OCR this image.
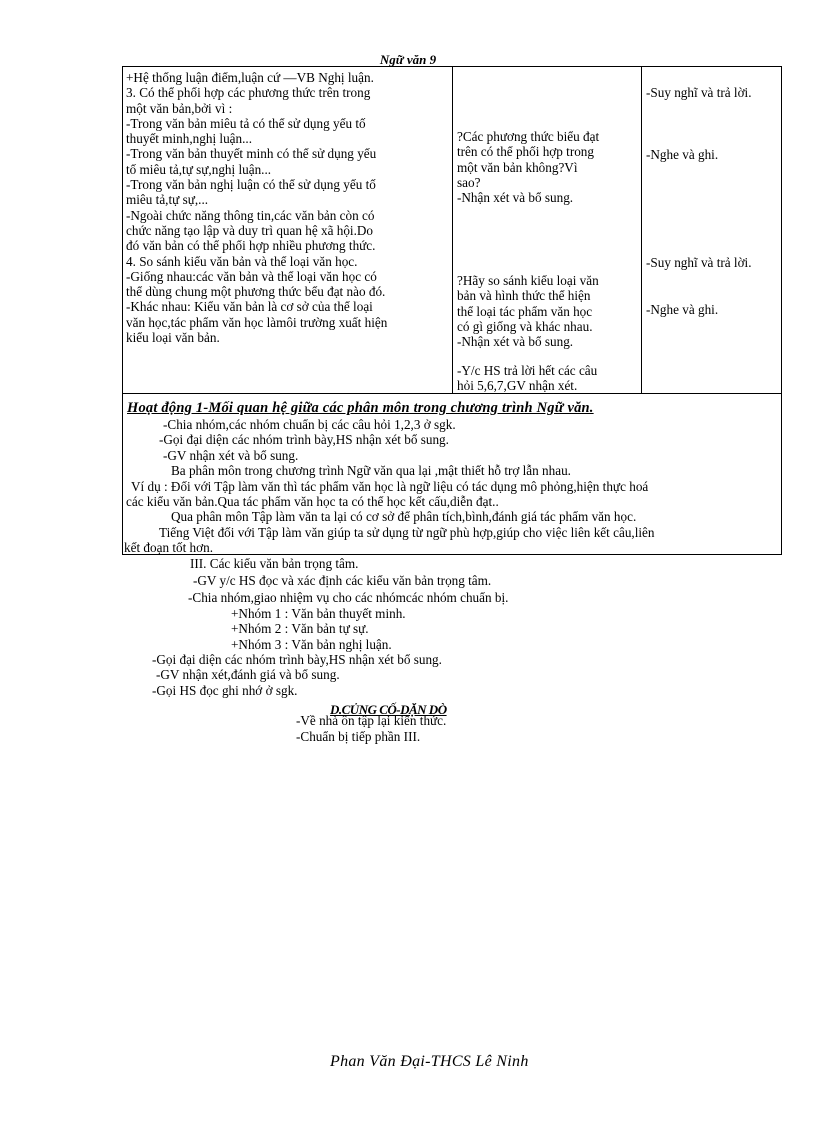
Ngữ văn 9
+Hệ thống luận điểm,luận cứ —VB Nghị luận.
3. Có thể phối hợp các phương thức trên trong
một văn bản,bởi vì :
-Trong văn bản miêu tả có thể sử dụng yếu tố
thuyết minh,nghị luận...
-Trong văn bản thuyết minh có thể sử dụng yếu
tố miêu tả,tự sự,nghị luận...
-Trong văn bản nghị luận có thể sử dụng yếu tố
miêu tả,tự sự,...
-Ngoài chức năng thông tin,các văn bản còn có
chức năng tạo lập và duy trì quan hệ xã hội.Do
đó văn bản có thể phối hợp nhiều phương thức.
4. So sánh kiểu văn bản và thể loại văn học.
-Giống nhau:các văn bản và thể loại văn học có
thể dùng chung một phương thức bểu đạt nào đó.
-Khác nhau: Kiểu văn bản là cơ sở của thể loại
văn học,tác phẩm văn học làmôi trường xuất hiện
kiểu loại văn bản.
?Các phương thức biểu đạt
trên có thể phối hợp trong
một văn bản không?Vì
sao?
-Nhận xét và bổ sung.
?Hãy so sánh kiểu loại văn
bản và hình thức thể hiện
thể loại tác phẩm văn học
có gì giống và khác nhau.
-Nhận xét và bổ sung.
-Y/c HS trả lời hết các câu
hỏi 5,6,7,GV nhận xét.
-Suy nghĩ và trả lời.
-Nghe và ghi.
-Suy nghĩ và trả lời.
-Nghe và ghi.
Hoạt động 1-Mối quan hệ giữa các phân môn trong chương trình Ngữ văn.
-Chia nhóm,các nhóm chuẩn bị các câu hỏi 1,2,3 ở sgk.
-Gọi đại diện các nhóm trình bày,HS nhận xét bổ sung.
-GV nhận xét và bổ sung.
Ba phân môn trong chương trình Ngữ văn qua lại ,mật thiết hỗ trợ lẫn nhau.
Ví dụ : Đối với Tập làm văn thì tác phẩm văn học là ngữ liệu có tác dụng mô phỏng,hiện thực hoá
các kiểu văn bản.Qua tác phẩm văn học ta có thể học kết cấu,diễn đạt..
Qua phân môn Tập làm văn ta lại có cơ sở để phân tích,bình,đánh giá tác phẩm văn học.
Tiếng Việt đối với Tập làm văn giúp ta sử dụng từ ngữ phù hợp,giúp cho việc liên kết câu,liên
kết đoạn tốt hơn.
III. Các kiểu văn bản trọng tâm.
-GV y/c HS đọc và xác định các kiểu văn bản trọng tâm.
-Chia nhóm,giao nhiệm vụ cho các nhómcác nhóm chuẩn bị.
+Nhóm 1 : Văn bản thuyết minh.
+Nhóm 2 : Văn bản tự sự.
+Nhóm 3 : Văn bản nghị luận.
-Gọi đại diện các nhóm trình bày,HS nhận xét bổ sung.
-GV nhận xét,đánh giá và bổ sung.
-Gọi HS đọc ghi nhớ ở sgk.
D.CỦNG CỐ-DẶN DÒ
-Về nhà ôn tập lại kiến thức.
-Chuẩn bị tiếp phần III.
Phan Văn Đại-THCS Lê Ninh
